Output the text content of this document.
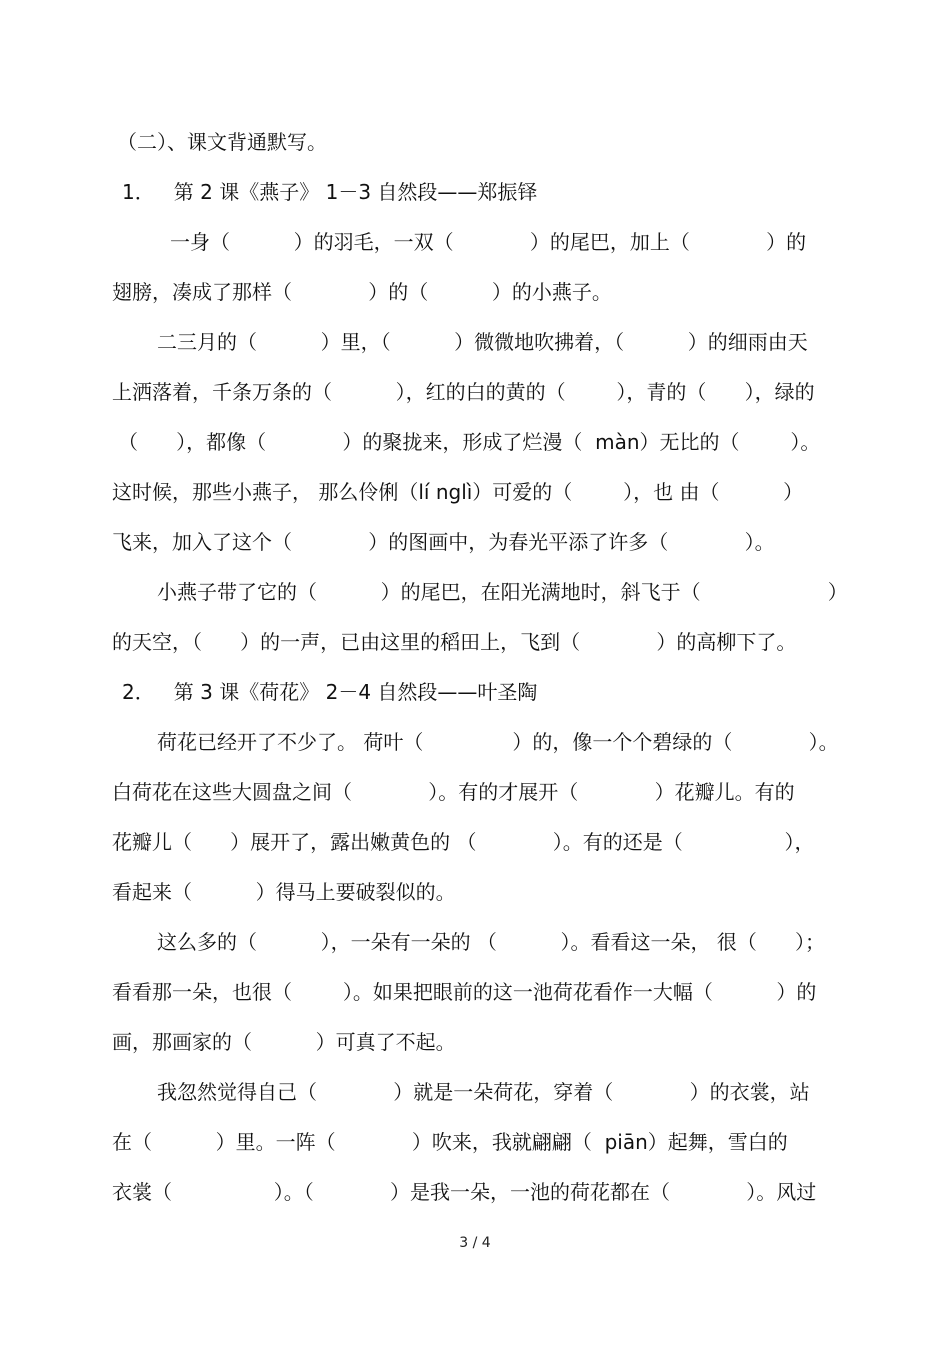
（二）、课文背通默写。
1．   第 2 课《燕子》 1－3 自然段——郑振铎
一身（          ）的羽毛，一双（            ）的尾巴，加上（            ）的
翅膀，凑成了那样（            ）的（          ）的小燕子。
二三月的（          ）里，（          ）微微地吹拂着，（          ）的细雨由天
上洒落着，千条万条的（          ），红的白的黄的（        ），青的（      ），绿的
（      ），都像（            ）的聚拢来，形成了烂漫（  màn）无比的（        ）。
这时候，那些小燕子， 那么伶俐（lí nglì）可爱的（        ），也 由（          ）
飞来，加入了这个（            ）的图画中，为春光平添了许多（            ）。
小燕子带了它的（          ）的尾巴，在阳光满地时，斜飞于（                    ）
的天空，（      ）的一声，已由这里的稻田上，飞到（            ）的高柳下了。
2．   第 3 课《荷花》 2－4 自然段——叶圣陶
荷花已经开了不少了。 荷叶（              ）的，像一个个碧绿的（            ）。
白荷花在这些大圆盘之间（            ）。有的才展开（            ）花瓣儿。有的
花瓣儿（      ）展开了，露出嫩黄色的 （            ）。有的还是（                ），
看起来（          ）得马上要破裂似的。
这么多的（          ），一朵有一朵的 （          ）。看看这一朵， 很（      ）；
看看那一朵，也很（        ）。如果把眼前的这一池荷花看作一大幅（          ）的
画，那画家的（          ）可真了不起。
我忽然觉得自己（            ）就是一朵荷花，穿着（            ）的衣裳，站
在（          ）里。一阵（            ）吹来，我就翩翩（  piān）起舞，雪白的
衣裳（                ）。（            ）是我一朵，一池的荷花都在（            ）。风过
3 / 4
